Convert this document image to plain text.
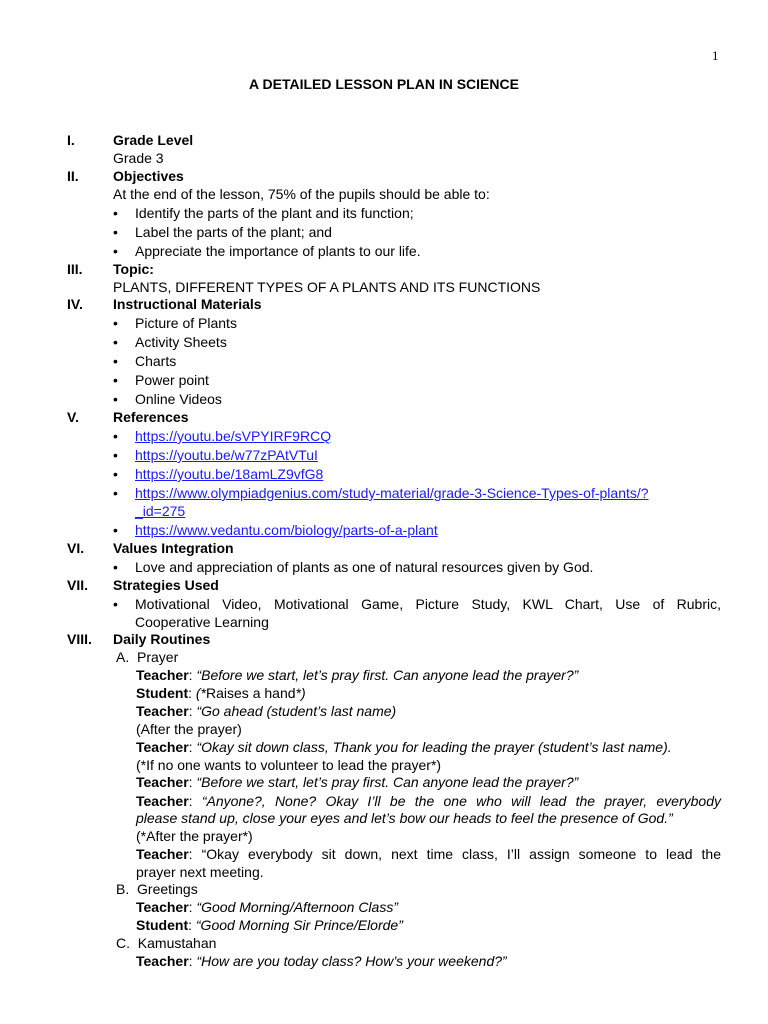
1
A DETAILED LESSON PLAN IN SCIENCE
I.	Grade Level
Grade 3
II. Objectives
At the end of the lesson, 75% of the pupils should be able to:
• Identify the parts of the plant and its function;
• Label the parts of the plant; and
• Appreciate the importance of plants to our life.
III. Topic:
PLANTS, DIFFERENT TYPES OF A PLANTS AND ITS FUNCTIONS
IV. Instructional Materials
• Picture of Plants
• Activity Sheets
• Charts
• Power point
• Online Videos
V. References
• https://youtu.be/sVPYIRF9RCQ
• https://youtu.be/w77zPAtVTuI
• https://youtu.be/18amLZ9vfG8
• https://www.olympiadgenius.com/study-material/grade-3-Science-Types-of-plants/?
_id=275
• https://www.vedantu.com/biology/parts-of-a-plant
VI. Values Integration
• Love and appreciation of plants as one of natural resources given by God.
VII. Strategies Used
• Motivational Video, Motivational Game, Picture Study, KWL Chart, Use of Rubric,
Cooperative Learning
VIII. Daily Routines
A. Prayer
Teacher: “Before we start, let’s pray first. Can anyone lead the prayer?”
Student: (*Raises a hand*)
Teacher: “Go ahead (student’s last name)
(After the prayer)
Teacher: “Okay sit down class, Thank you for leading the prayer (student’s last name).
(*If no one wants to volunteer to lead the prayer*)
Teacher: “Before we start, let’s pray first. Can anyone lead the prayer?”
Teacher: “Anyone?, None? Okay I’ll be the one who will lead the prayer, everybody
please stand up, close your eyes and let’s bow our heads to feel the presence of God.”
(*After the prayer*)
Teacher: “Okay everybody sit down, next time class, I’ll assign someone to lead the
prayer next meeting.
B. Greetings
Teacher: “Good Morning/Afternoon Class”
Student: “Good Morning Sir Prince/Elorde”
C. Kamustahan
Teacher: “How are you today class? How’s your weekend?”
